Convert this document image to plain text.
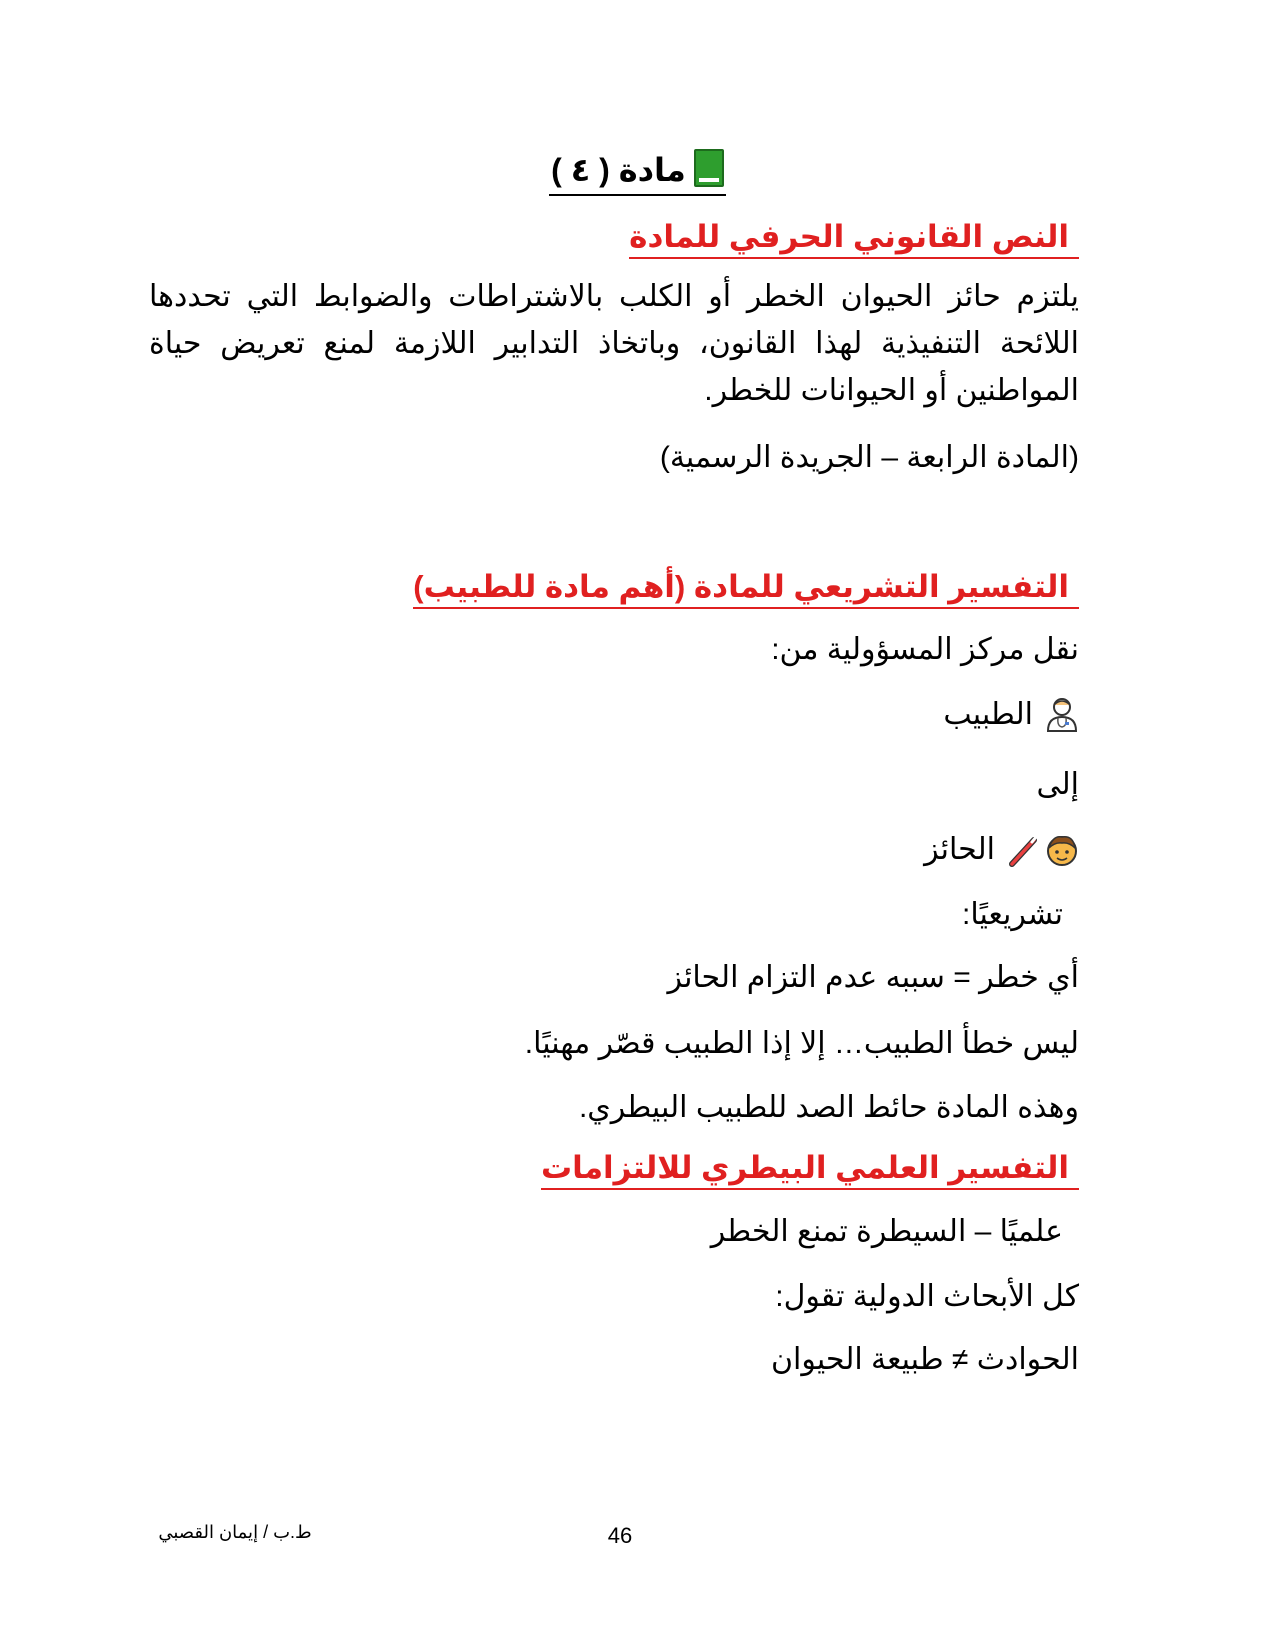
مادة ( ٤ )
النص القانوني الحرفي للمادة
يلتزم حائز الحيوان الخطر أو الكلب بالاشتراطات والضوابط التي تحددها اللائحة التنفيذية لهذا القانون، وباتخاذ التدابير اللازمة لمنع تعريض حياة المواطنين أو الحيوانات للخطر.
(المادة الرابعة – الجريدة الرسمية)
التفسير التشريعي للمادة (أهم مادة للطبيب)
نقل مركز المسؤولية من:
الطبيب
إلى
الحائز
تشريعيًا:
أي خطر = سببه عدم التزام الحائز
ليس خطأ الطبيب… إلا إذا الطبيب قصّر مهنيًا.
وهذه المادة حائط الصد للطبيب البيطري.
التفسير العلمي البيطري للالتزامات
علميًا – السيطرة تمنع الخطر
كل الأبحاث الدولية تقول:
الحوادث ≠ طبيعة الحيوان
ط.ب / إيمان القصبي	46
